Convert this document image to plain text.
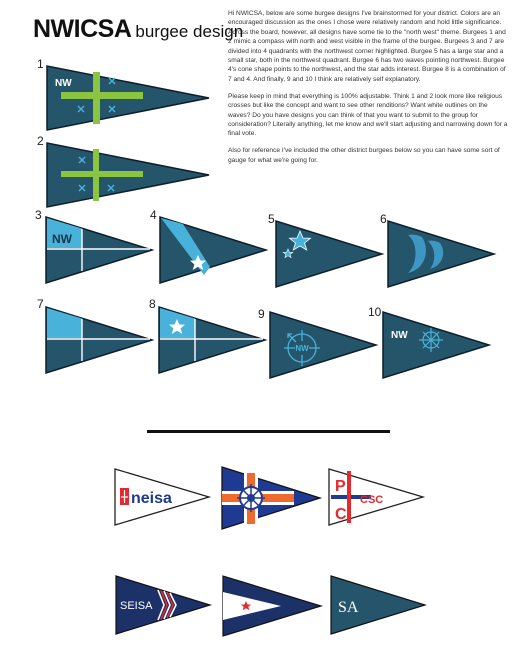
NWICSA burgee design

Hi NWICSA, below are some burgee designs I've brainstormed for your district. Colors are an encouraged discussion as the ones I chose were relatively random and hold little significance. Across the board, however, all designs have some tie to the "north west" theme. Burgees 1 and 2 mimic a compass with north and west visible in the frame of the burgee. Burgees 3 and 7 are divided into 4 quadrants with the northwest corner highlighted. Burgee 5 has a large star and a small star, both in the northwest quadrant. Burgee 6 has two waves pointing northwest. Burgee 4's cone shape points to the northwest, and the star adds interest. Burgee 8 is a combination of 7 and 4. And finally, 9 and 10 I think are relatively self explanatory.

Please keep in mind that everything is 100% adjustable. Think 1 and 2 look more like religious crosses but like the concept and want to see other renditions? Want white outlines on the waves? Do you have designs you can think of that you want to submit to the group for consideration? Literally anything, let me know and we'll start adjusting and narrowing down for a final vote.

Also for reference I've included the other district burgees below so you can have some sort of gauge for what we're going for.

1
2
3	4	5	6
7	8
9	10
NW
NW
NW
NW
neisa
P
C
CSC
SEISA	SA
